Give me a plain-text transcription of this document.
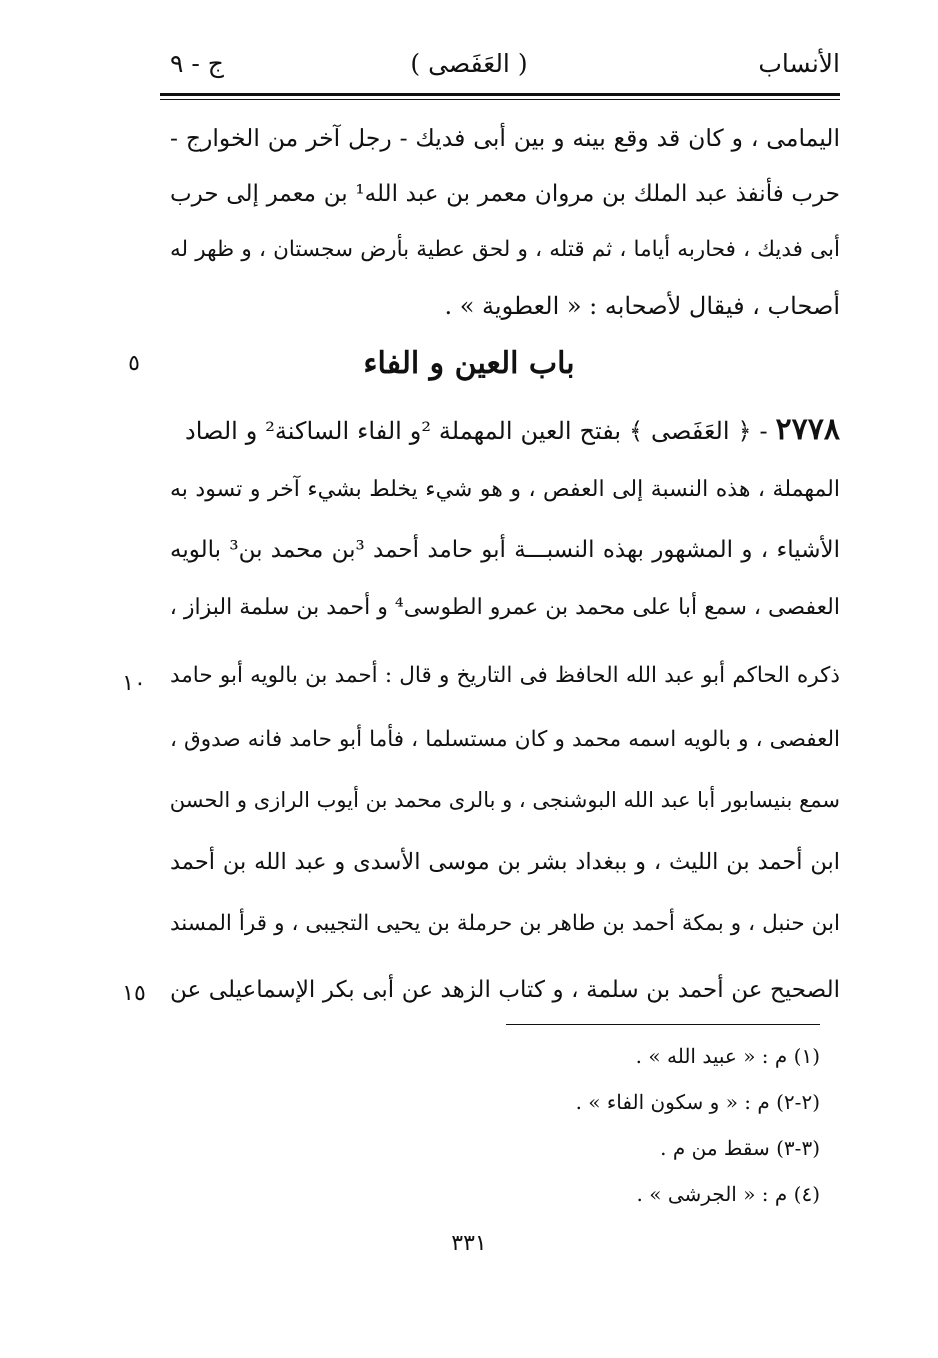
الأنساب
( العَفَصى )
ج - ٩
اليمامى ، و كان قد وقع بينه و بين أبى فديك - رجل آخر من الخوارج -
حرب فأنفذ عبد الملك بن مروان معمر بن عبد الله¹ بن معمر إلى حرب
أبى فديك ، فحاربه أياما ، ثم قتله ، و لحق عطية بأرض سجستان ، و ظهر له
أصحاب ، فيقال لأصحابه : « العطوية » .
باب العين و الفاء
٥
٢٧٧٨ - ﴿ العَفَصى ﴾ بفتح العين المهملة ²و الفاء الساكنة² و الصاد
المهملة ، هذه النسبة إلى العفص ، و هو شيء يخلط بشيء آخر و تسود به
الأشياء ، و المشهور بهذه النسبـــة أبو حامد أحمد ³بن محمد بن³ بالويه
العفصى ، سمع أبا على محمد بن عمرو الطوسى⁴ و أحمد بن سلمة البزاز ،
ذكره الحاكم أبو عبد الله الحافظ فى التاريخ و قال : أحمد بن بالويه أبو حامد
١٠
العفصى ، و بالويه اسمه محمد و كان مستسلما ، فأما أبو حامد فانه صدوق ،
سمع بنيسابور أبا عبد الله البوشنجى ، و بالرى محمد بن أيوب الرازى و الحسن
ابن أحمد بن الليث ، و ببغداد بشر بن موسى الأسدى و عبد الله بن أحمد
ابن حنبل ، و بمكة أحمد بن طاهر بن حرملة بن يحيى التجيبى ، و قرأ المسند
الصحيح عن أحمد بن سلمة ، و كتاب الزهد عن أبى بكر الإسماعيلى عن
١٥
(١) م : « عبيد الله » .
(٢-٢) م : « و سكون الفاء » .
(٣-٣) سقط من م .
(٤) م : « الجرشى » .
٣٣١
